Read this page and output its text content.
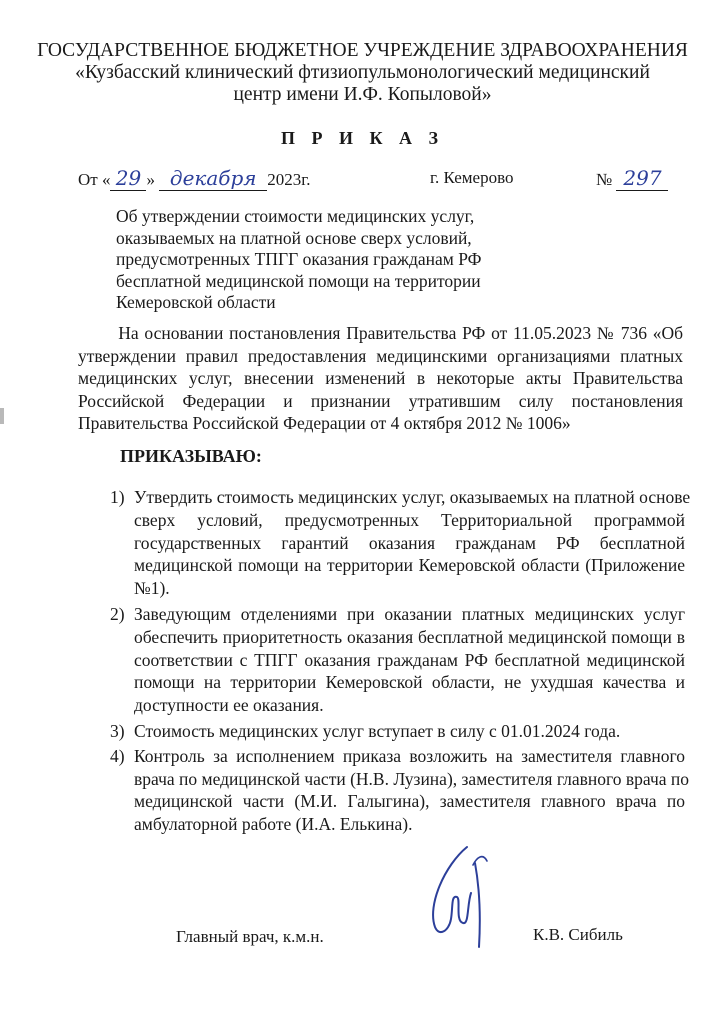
ГОСУДАРСТВЕННОЕ БЮДЖЕТНОЕ УЧРЕЖДЕНИЕ ЗДРАВООХРАНЕНИЯ
«Кузбасский клинический фтизиопульмонологический медицинский
центр имени И.Ф. Копыловой»
П Р И К А З
От « 29 » декабря 2023г.	г. Кемерово	№ 297
Об утверждении стоимости медицинских услуг,
оказываемых на платной основе сверх условий,
предусмотренных ТПГГ оказания гражданам РФ
бесплатной медицинской помощи на территории
Кемеровской области
На основании постановления Правительства РФ от 11.05.2023 № 736 «Об
утверждении правил предоставления медицинскими организациями платных
медицинских услуг, внесении изменений в некоторые акты Правительства
Российской Федерации и признании утратившим силу постановления
Правительства Российской Федерации от 4 октября 2012 № 1006»
ПРИКАЗЫВАЮ:
1) Утвердить стоимость медицинских услуг, оказываемых на платной основе
сверх условий, предусмотренных Территориальной программой
государственных гарантий оказания гражданам РФ бесплатной
медицинской помощи на территории Кемеровской области (Приложение
№1).
2) Заведующим отделениями при оказании платных медицинских услуг
обеспечить приоритетность оказания бесплатной медицинской помощи в
соответствии с ТПГГ оказания гражданам РФ бесплатной медицинской
помощи на территории Кемеровской области, не ухудшая качества и
доступности ее оказания.
3) Стоимость медицинских услуг вступает в силу с 01.01.2024 года.
4) Контроль за исполнением приказа возложить на заместителя главного
врача по медицинской части (Н.В. Лузина), заместителя главного врача по
медицинской части (М.И. Галыгина), заместителя главного врача по
амбулаторной работе (И.А. Елькина).
Главный врач, к.м.н.	К.В. Сибиль
